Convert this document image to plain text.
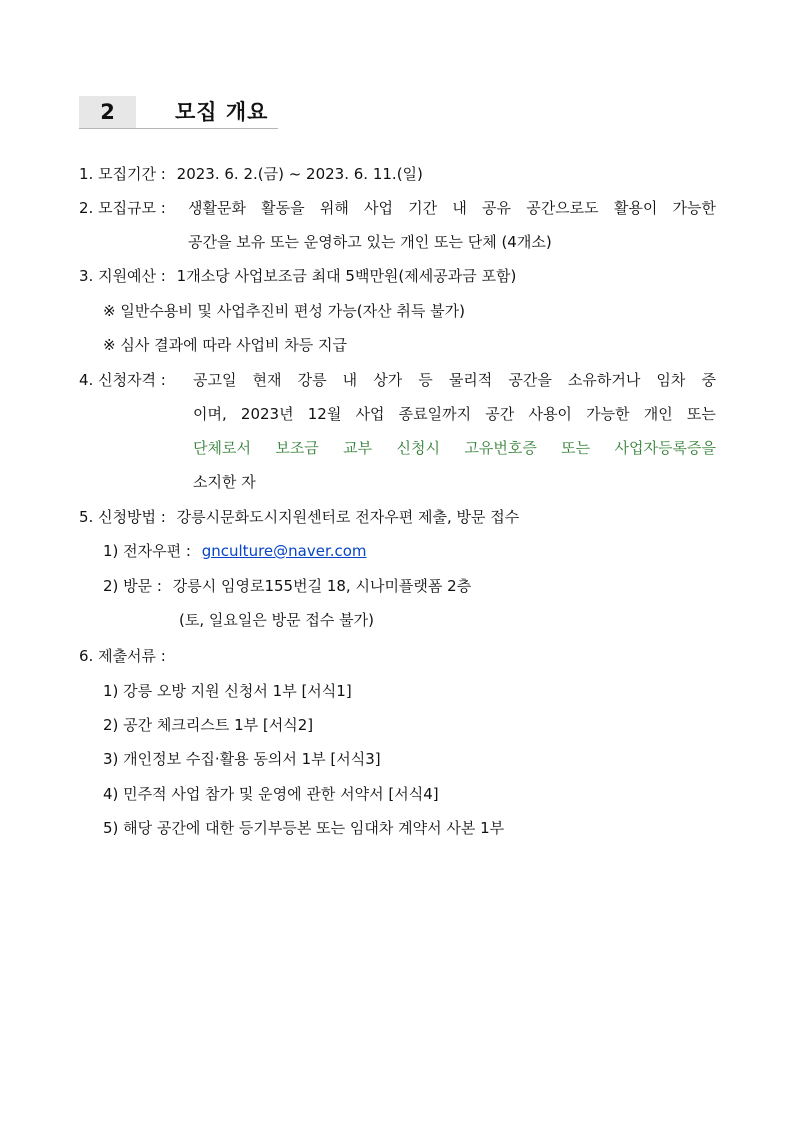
2	모집 개요
1. 모집기간 : 2023. 6. 2.(금) ~ 2023. 6. 11.(일)
2. 모집규모 : 생활문화 활동을 위해 사업 기간 내 공유 공간으로도 활용이 가능한
공간을 보유 또는 운영하고 있는 개인 또는 단체 (4개소)
3. 지원예산 : 1개소당 사업보조금 최대 5백만원(제세공과금 포함)
※ 일반수용비 및 사업추진비 편성 가능(자산 취득 불가)
※ 심사 결과에 따라 사업비 차등 지급
4. 신청자격 : 공고일 현재 강릉 내 상가 등 물리적 공간을 소유하거나 임차 중
이며, 2023년 12월 사업 종료일까지 공간 사용이 가능한 개인 또는
단체로서 보조금 교부 신청시 고유번호증 또는 사업자등록증을
소지한 자
5. 신청방법 : 강릉시문화도시지원센터로 전자우편 제출, 방문 접수
1) 전자우편 : gnculture@naver.com
2) 방문 : 강릉시 임영로155번길 18, 시나미플랫폼 2층
(토, 일요일은 방문 접수 불가)
6. 제출서류 :
1) 강릉 오방 지원 신청서 1부 [서식1]
2) 공간 체크리스트 1부 [서식2]
3) 개인정보 수집·활용 동의서 1부 [서식3]
4) 민주적 사업 참가 및 운영에 관한 서약서 [서식4]
5) 해당 공간에 대한 등기부등본 또는 임대차 계약서 사본 1부
